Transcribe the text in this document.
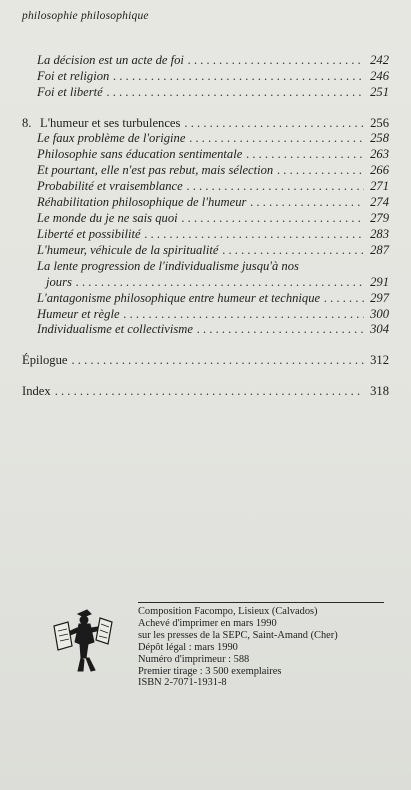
philosophie philosophique
La décision est un acte de foi . . .	242
Foi et religion . . .	246
Foi et liberté . . .	251
8. L'humeur et ses turbulences . . .	256
Le faux problème de l'origine . . .	258
Philosophie sans éducation sentimentale . . .	263
Et pourtant, elle n'est pas rebut, mais sélection . . .	266
Probabilité et vraisemblance . . .	271
Réhabilitation philosophique de l'humeur . . .	274
Le monde du je ne sais quoi . . .	279
Liberté et possibilité . . .	283
L'humeur, véhicule de la spiritualité . . .	287
La lente progression de l'individualisme jusqu'à nos
jours . . .	291
L'antagonisme philosophique entre humeur et technique . . .	297
Humeur et règle . . .	300
Individualisme et collectivisme . . .	304
Épilogue . . .	312
Index . . .	318
Composition Facompo, Lisieux (Calvados)
Achevé d'imprimer en mars 1990
sur les presses de la SEPC, Saint-Amand (Cher)
Dépôt légal : mars 1990
Numéro d'imprimeur : 588
Premier tirage : 3 500 exemplaires
ISBN 2-7071-1931-8
